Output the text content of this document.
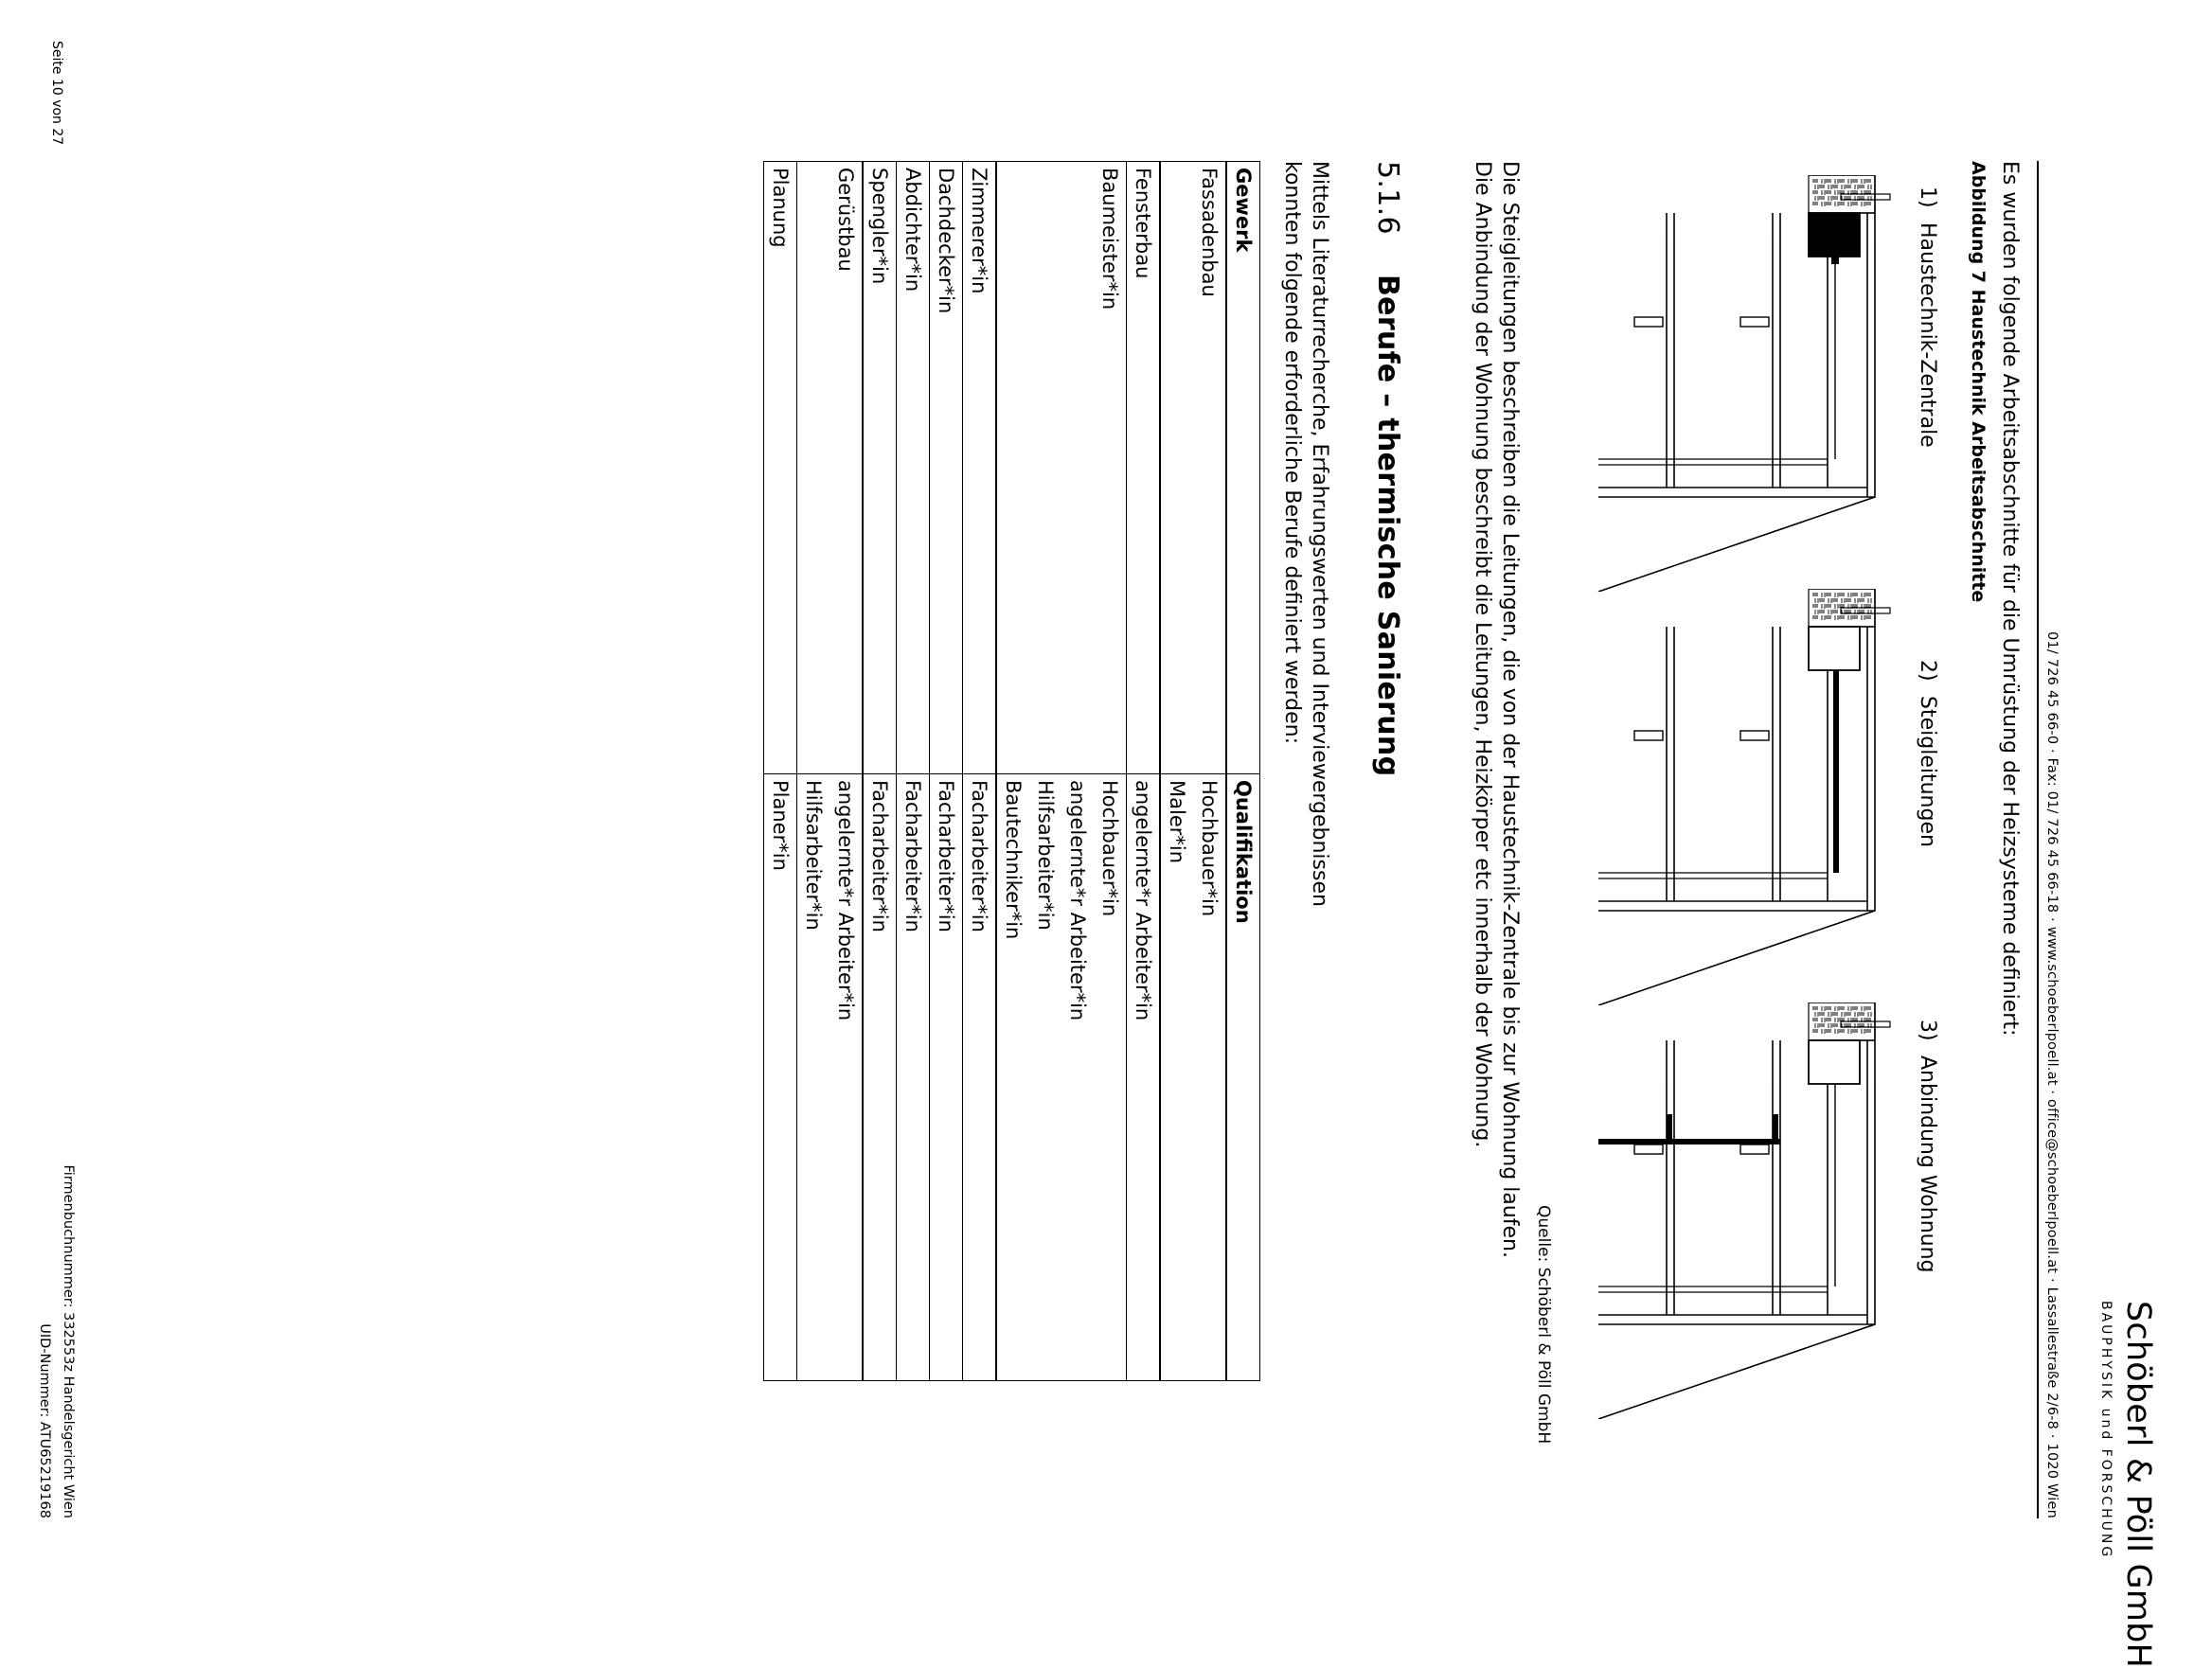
Schöberl & Pöll GmbH
BAUPHYSIK und FORSCHUNG
01/ 726 45 66-0 · Fax: 01/ 726 45 66-18 · www.schoeberlpoell.at · office@schoeberlpoell.at · Lassallestraße 2/6-8 · 1020 Wien
Es wurden folgende Arbeitsabschnitte für die Umrüstung der Heizsysteme definiert:
Abbildung 7 Haustechnik Arbeitsabschnitte
1)Haustechnik-Zentrale
2)Steigleitungen
3)Anbindung Wohnung
Quelle: Schöberl & Pöll GmbH
Die Steigleitungen beschreiben die Leitungen, die von der Haustechnik-Zentrale bis zur Wohnung laufen. Die Anbindung der Wohnung beschreibt die Leitungen, Heizkörper etc innerhalb der Wohnung.
5.1.6Berufe – thermische Sanierung
Mittels Literaturrecherche, Erfahrungswerten und Interviewergebnissen konnten folgende erforderliche Berufe definiert werden:
Gewerk	Qualifikation
Fassadenbau	Hochbauer*in
	Maler*in
Fensterbau	angelernte*r Arbeiter*in
Baumeister*in	Hochbauer*in
	angelernte*r Arbeiter*in
	Hilfsarbeiter*in
	Bautechniker*in
Zimmerer*in	Facharbeiter*in
Dachdecker*in	Facharbeiter*in
Abdichter*in	Facharbeiter*in
Spengler*in	Facharbeiter*in
Gerüstbau	angelernte*r Arbeiter*in
	Hilfsarbeiter*in
Planung	Planer*in
Seite 10 von 27
Firmenbuchnummer: 332553z Handelsgericht Wien
UID-Nummer: ATU65219168
